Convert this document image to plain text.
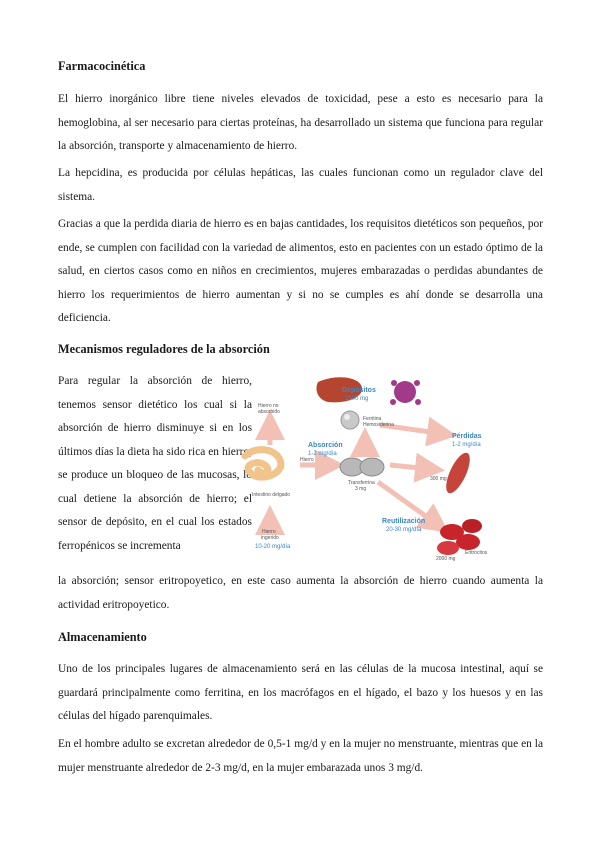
Farmacocinética

El hierro inorgánico libre tiene niveles elevados de toxicidad, pese a esto es necesario para la hemoglobina, al ser necesario para ciertas proteínas, ha desarrollado un sistema que funciona para regular la absorción, transporte y almacenamiento de hierro.

La hepcidina, es producida por células hepáticas, las cuales funcionan como un regulador clave del sistema.

Gracias a que la perdida diaria de hierro es en bajas cantidades, los requisitos dietéticos son pequeños, por ende, se cumplen con facilidad con la variedad de alimentos, esto en pacientes con un estado óptimo de la salud, en ciertos casos como en niños en crecimientos, mujeres embarazadas o perdidas abundantes de hierro los requerimientos de hierro aumentan y si no se cumples es ahí donde se desarrolla una deficiencia.

Mecanismos reguladores de la absorción

Para regular la absorción de hierro, tenemos sensor dietético los cual si la absorción de hierro disminuye si en los últimos días la dieta ha sido rica en hierro, se produce un bloqueo de las mucosas, lo cual detiene la absorción de hierro; el sensor de depósito, en el cual los estados ferropénicos se incrementa

la absorción; sensor eritropoyetico, en este caso aumenta la absorción de hierro cuando aumenta la actividad eritropoyetico.

Almacenamiento

Uno de los principales lugares de almacenamiento será en las células de la mucosa intestinal, aquí se guardará principalmente como ferritina, en los macrófagos en el hígado, el bazo y los huesos y en las células del hígado parenquimales.

En el hombre adulto se excretan alrededor de 0,5-1 mg/d y en la mujer no menstruante, mientras que en la mujer menstruante alrededor de 2-3 mg/d, en la mujer embarazada unos 3 mg/d.

Depósitos
1500 mg
Ferritina
Hemosiderina
Absorción
1-2 mg/día
Hierro no
absorbido
Hierro
Transferrina
3 mg
Intestino delgado
Hierro
ingerido
10-20 mg/día
Pérdidas
1-2 mg/día
300 mg
Reutilización
20-30 mg/día
Eritrocitos
2000 mg
